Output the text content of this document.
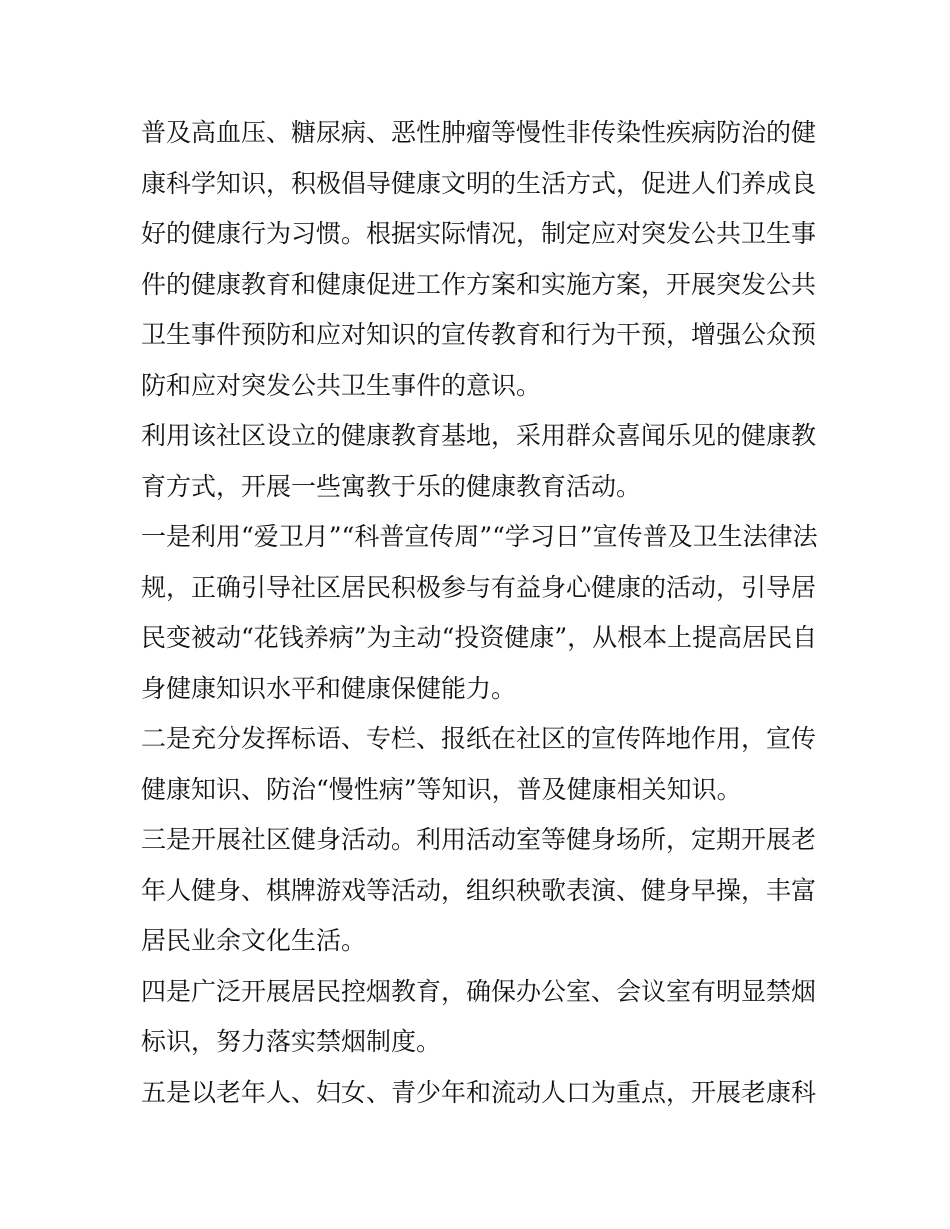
普及高血压、糖尿病、恶性肿瘤等慢性非传染性疾病防治的健
康科学知识，积极倡导健康文明的生活方式，促进人们养成良
好的健康行为习惯。根据实际情况，制定应对突发公共卫生事
件的健康教育和健康促进工作方案和实施方案，开展突发公共
卫生事件预防和应对知识的宣传教育和行为干预，增强公众预
防和应对突发公共卫生事件的意识。
利用该社区设立的健康教育基地，采用群众喜闻乐见的健康教
育方式，开展一些寓教于乐的健康教育活动。
一是利用“爱卫月”“科普宣传周”“学习日”宣传普及卫生法律法
规，正确引导社区居民积极参与有益身心健康的活动，引导居
民变被动“花钱养病”为主动“投资健康”，从根本上提高居民自
身健康知识水平和健康保健能力。
二是充分发挥标语、专栏、报纸在社区的宣传阵地作用，宣传
健康知识、防治“慢性病”等知识，普及健康相关知识。
三是开展社区健身活动。利用活动室等健身场所，定期开展老
年人健身、棋牌游戏等活动，组织秧歌表演、健身早操，丰富
居民业余文化生活。
四是广泛开展居民控烟教育，确保办公室、会议室有明显禁烟
标识，努力落实禁烟制度。
五是以老年人、妇女、青少年和流动人口为重点，开展老康科
